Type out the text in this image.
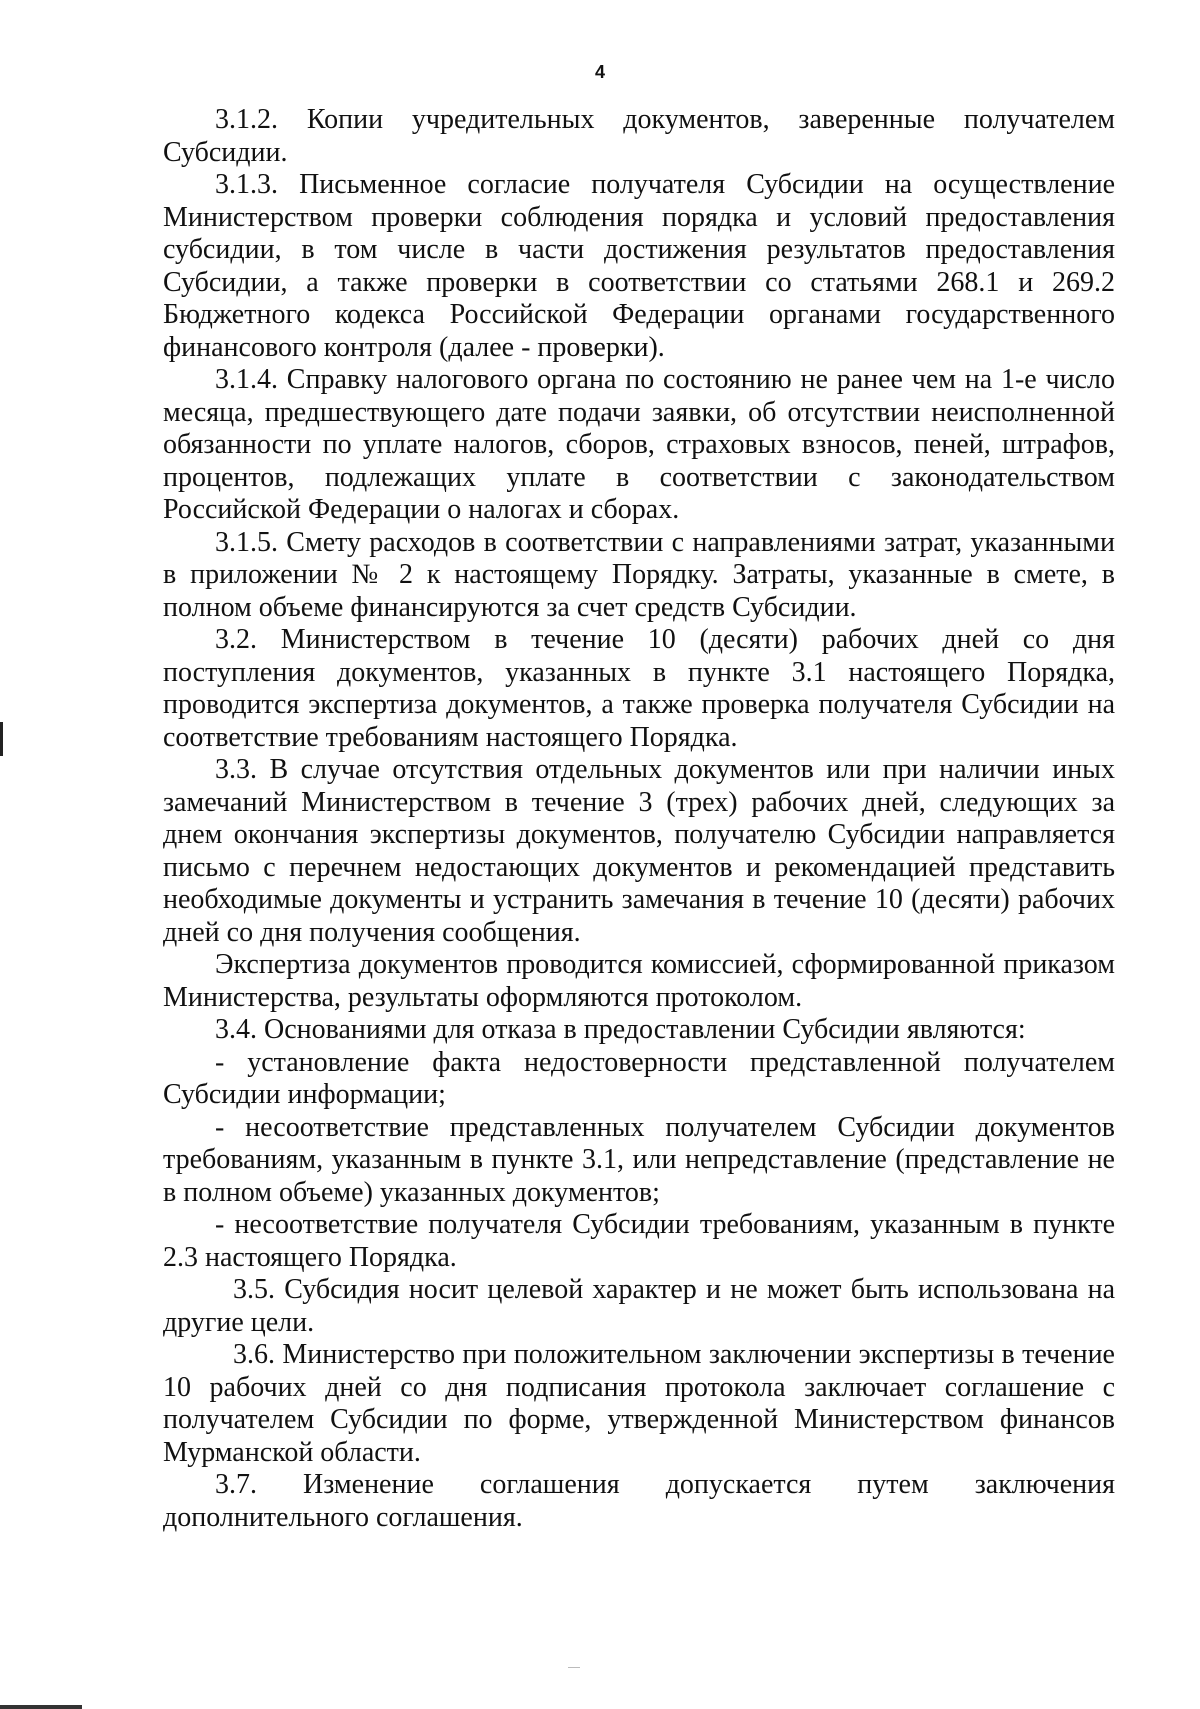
4

3.1.2. Копии учредительных документов, заверенные получателем Субсидии.

3.1.3. Письменное согласие получателя Субсидии на осуществление Министерством проверки соблюдения порядка и условий предоставления субсидии, в том числе в части достижения результатов предоставления Субсидии, а также проверки в соответствии со статьями 268.1 и 269.2 Бюджетного кодекса Российской Федерации органами государственного финансового контроля (далее - проверки).

3.1.4. Справку налогового органа по состоянию не ранее чем на 1-е число месяца, предшествующего дате подачи заявки, об отсутствии неисполненной обязанности по уплате налогов, сборов, страховых взносов, пеней, штрафов, процентов, подлежащих уплате в соответствии с законодательством Российской Федерации о налогах и сборах.

3.1.5. Смету расходов в соответствии с направлениями затрат, указанными в приложении № 2 к настоящему Порядку. Затраты, указанные в смете, в полном объеме финансируются за счет средств Субсидии.

3.2. Министерством в течение 10 (десяти) рабочих дней со дня поступления документов, указанных в пункте 3.1 настоящего Порядка, проводится экспертиза документов, а также проверка получателя Субсидии на соответствие требованиям настоящего Порядка.

3.3. В случае отсутствия отдельных документов или при наличии иных замечаний Министерством в течение 3 (трех) рабочих дней, следующих за днем окончания экспертизы документов, получателю Субсидии направляется письмо с перечнем недостающих документов и рекомендацией представить необходимые документы и устранить замечания в течение 10 (десяти) рабочих дней со дня получения сообщения.

Экспертиза документов проводится комиссией, сформированной приказом Министерства, результаты оформляются протоколом.

3.4. Основаниями для отказа в предоставлении Субсидии являются:

- установление факта недостоверности представленной получателем Субсидии информации;

- несоответствие представленных получателем Субсидии документов требованиям, указанным в пункте 3.1, или непредставление (представление не в полном объеме) указанных документов;

- несоответствие получателя Субсидии требованиям, указанным в пункте 2.3 настоящего Порядка.

3.5. Субсидия носит целевой характер и не может быть использована на другие цели.

3.6. Министерство при положительном заключении экспертизы в течение 10 рабочих дней со дня подписания протокола заключает соглашение с получателем Субсидии по форме, утвержденной Министерством финансов Мурманской области.

3.7. Изменение соглашения допускается путем заключения дополнительного соглашения.
